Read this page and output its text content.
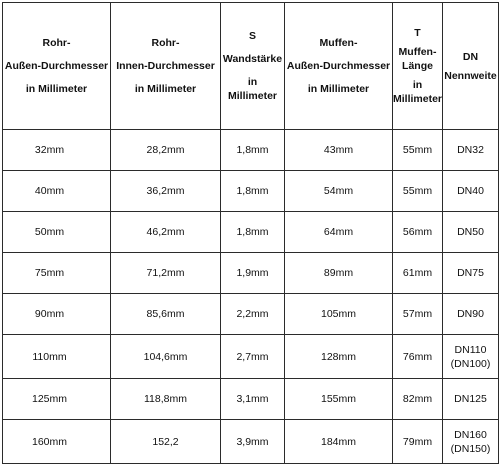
Rohr-
Außen-Durchmesser
in Millimeter	Rohr-
Innen-Durchmesser
in Millimeter	S
Wandstärke
in
Millimeter	Muffen-
Außen-Durchmesser
in Millimeter	T
Muffen-
Länge
in
Millimeter	DN
Nennweite

32mm	28,2mm	1,8mm	43mm	55mm	DN32

40mm	36,2mm	1,8mm	54mm	55mm	DN40

50mm	46,2mm	1,8mm	64mm	56mm	DN50

75mm	71,2mm	1,9mm	89mm	61mm	DN75

90mm	85,6mm	2,2mm	105mm	57mm	DN90

110mm	104,6mm	2,7mm	128mm	76mm	DN110
(DN100)

125mm	118,8mm	3,1mm	155mm	82mm	DN125

160mm	152,2	3,9mm	184mm	79mm	DN160
(DN150)
